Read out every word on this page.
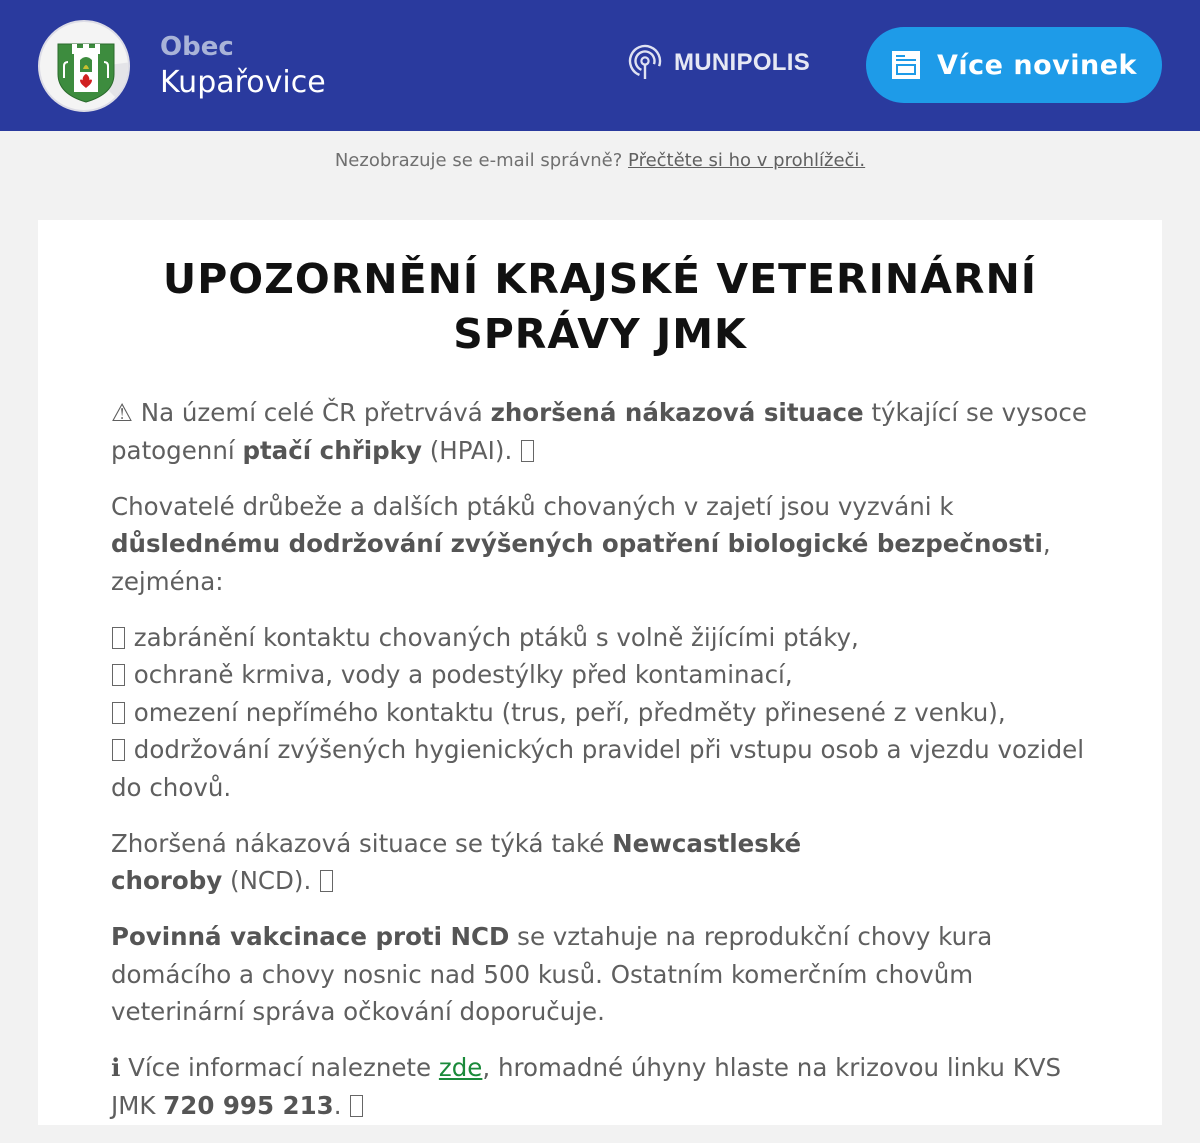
Obec
Kupařovice
MUNIPOLIS	Více novinek
Nezobrazuje se e-mail správně? Přečtěte si ho v prohlížeči.
UPOZORNĚNÍ KRAJSKÉ VETERINÁRNÍ
SPRÁVY JMK

⚠ Na území celé ČR přetrvává zhoršená nákazová situace týkající se vysoce patogenní ptačí chřipky (HPAI).

Chovatelé drůbeže a dalších ptáků chovaných v zajetí jsou vyzváni k důslednému dodržování zvýšených opatření biologické bezpečnosti, zejména:

zabránění kontaktu chovaných ptáků s volně žijícími ptáky,
ochraně krmiva, vody a podestýlky před kontaminací,
omezení nepřímého kontaktu (trus, peří, předměty přinesené z venku),
dodržování zvýšených hygienických pravidel při vstupu osob a vjezdu vozidel do chovů.

Zhoršená nákazová situace se týká také Newcastleské choroby (NCD).

Povinná vakcinace proti NCD se vztahuje na reprodukční chovy kura domácího a chovy nosnic nad 500 kusů. Ostatním komerčním chovům veterinární správa očkování doporučuje.

ℹ Více informací naleznete zde, hromadné úhyny hlaste na krizovou linku KVS JMK 720 995 213.
